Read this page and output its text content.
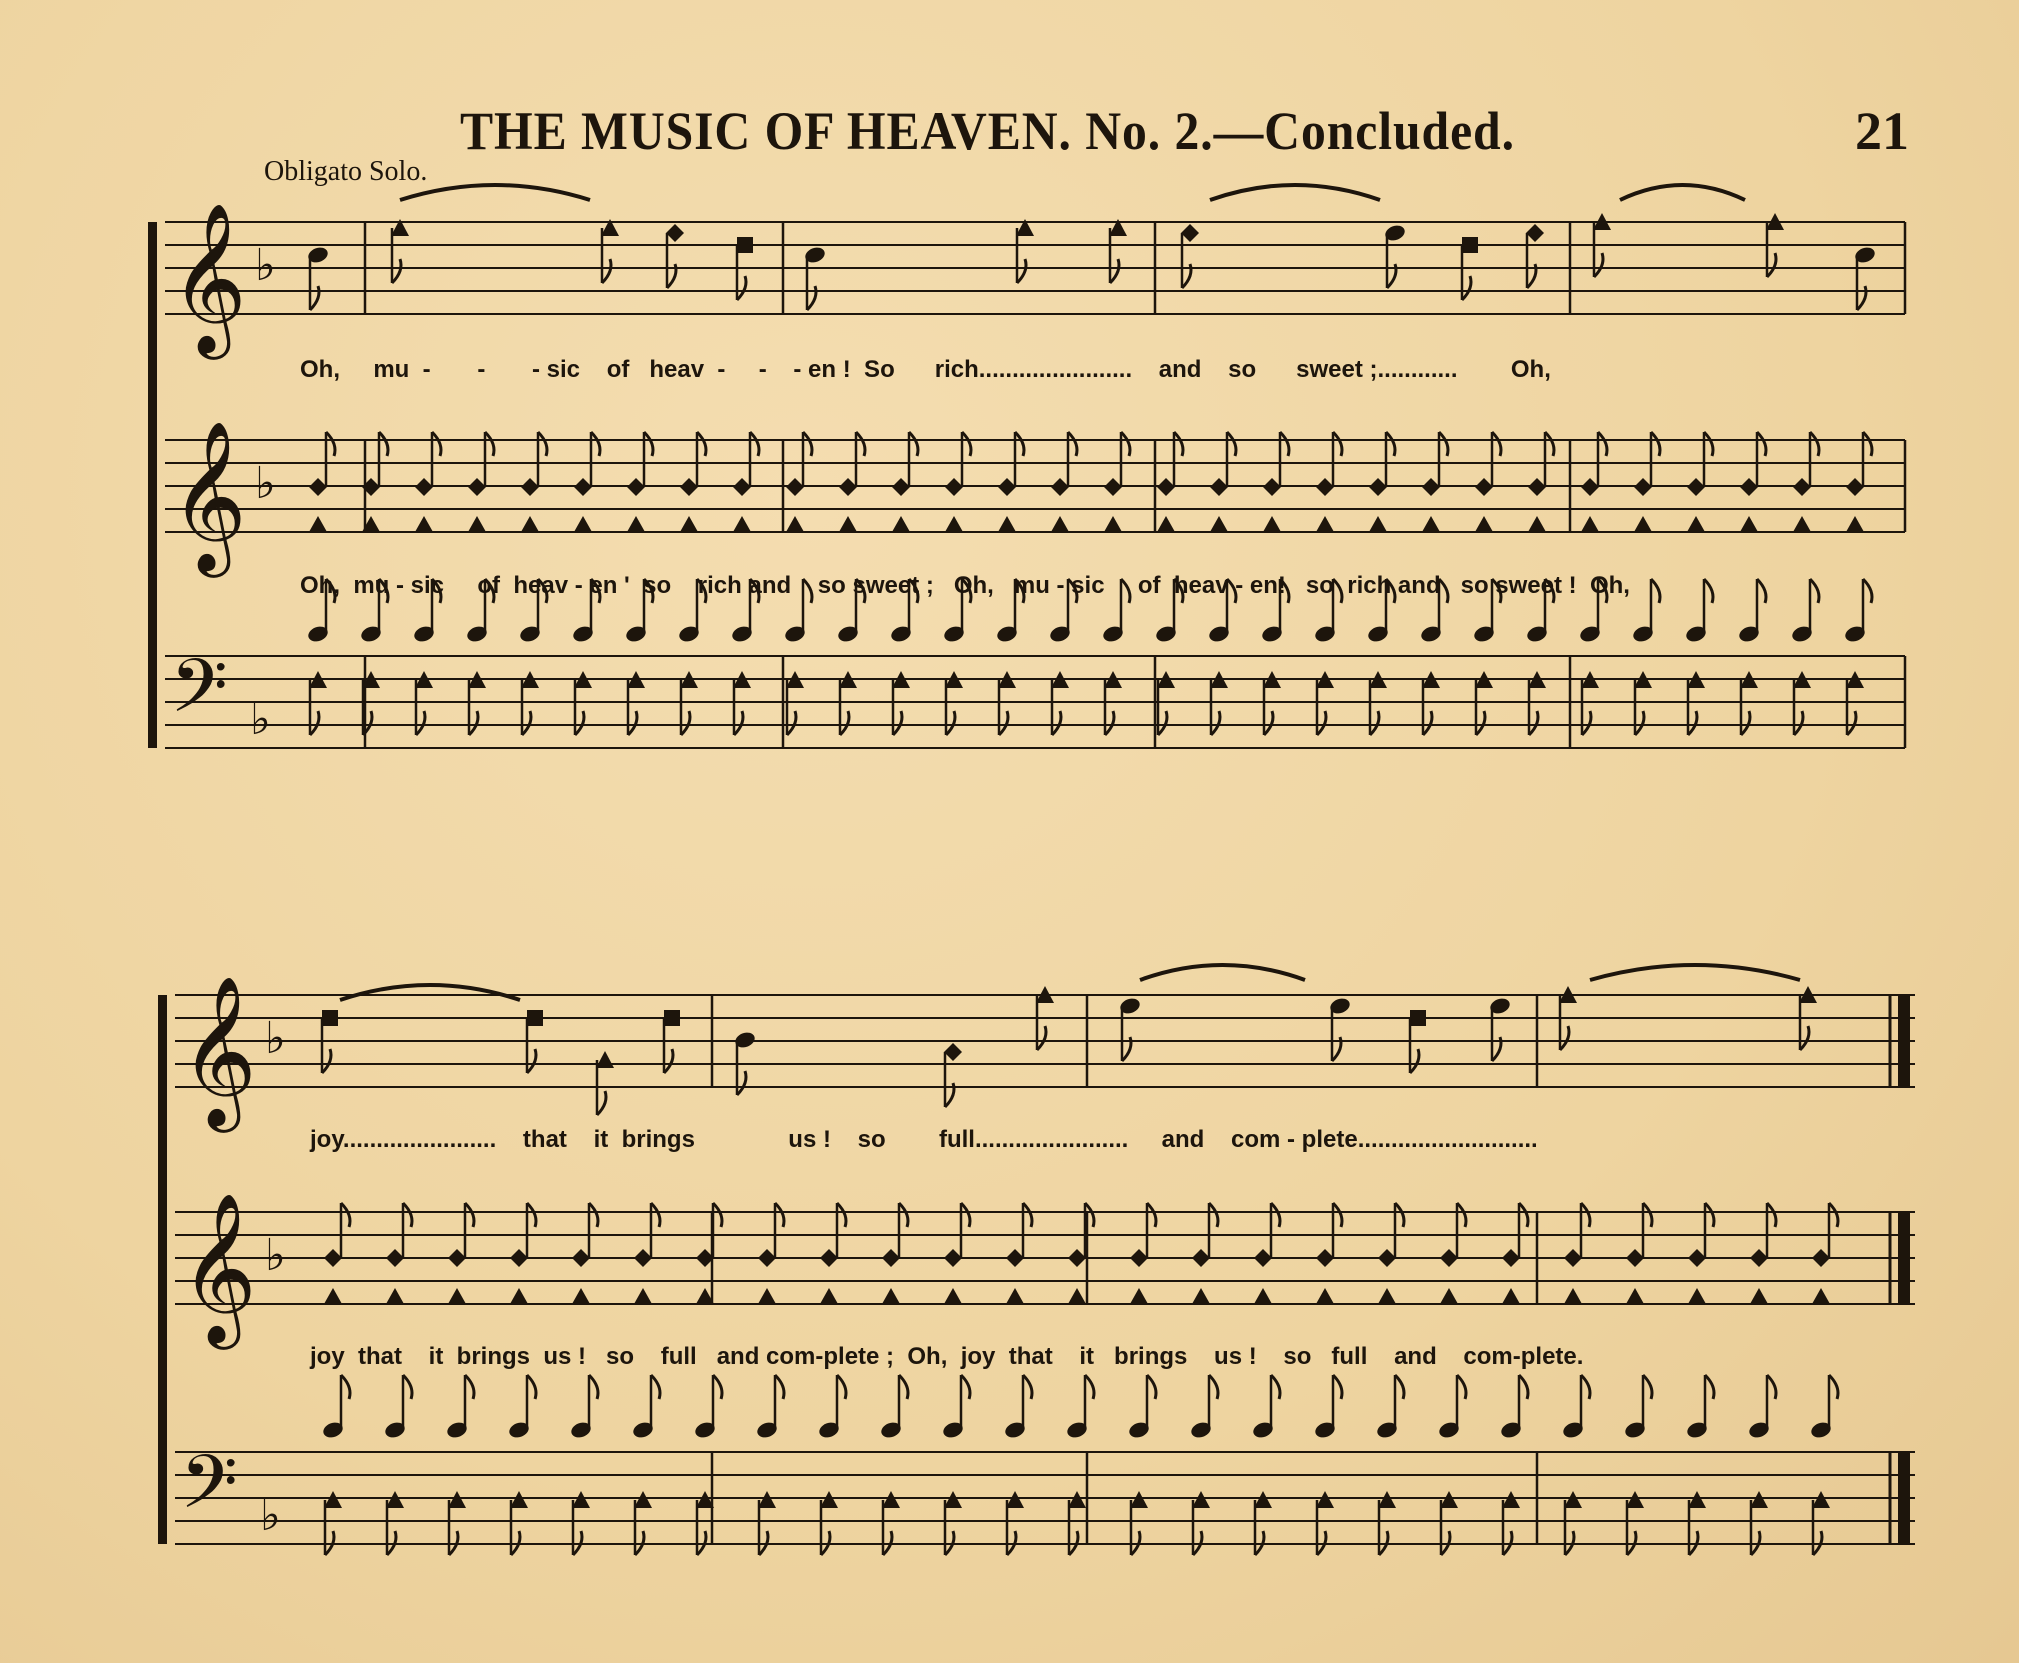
THE MUSIC OF HEAVEN. No. 2.—Concluded.	21
Obligato Solo.
𝄞 ♭
𝄞 ♭
𝄢 ♭
𝄞 ♭
𝄞 ♭
𝄢 ♭
Oh,     mu  -       -       - sic    of   heav  -     -    - en !  So      rich.......................    and    so      sweet ;............        Oh,
Oh,  mu - sic     of  heav - en '  so    rich and    so sweet ;   Oh,   mu - sic     of  heav - en!   so  rich and   so sweet !  Oh,
joy.......................    that    it  brings              us !    so        full.......................     and    com - plete...........................
joy  that    it  brings  us !   so    full   and com-plete ;  Oh,  joy  that    it   brings    us !    so   full    and    com-plete.
